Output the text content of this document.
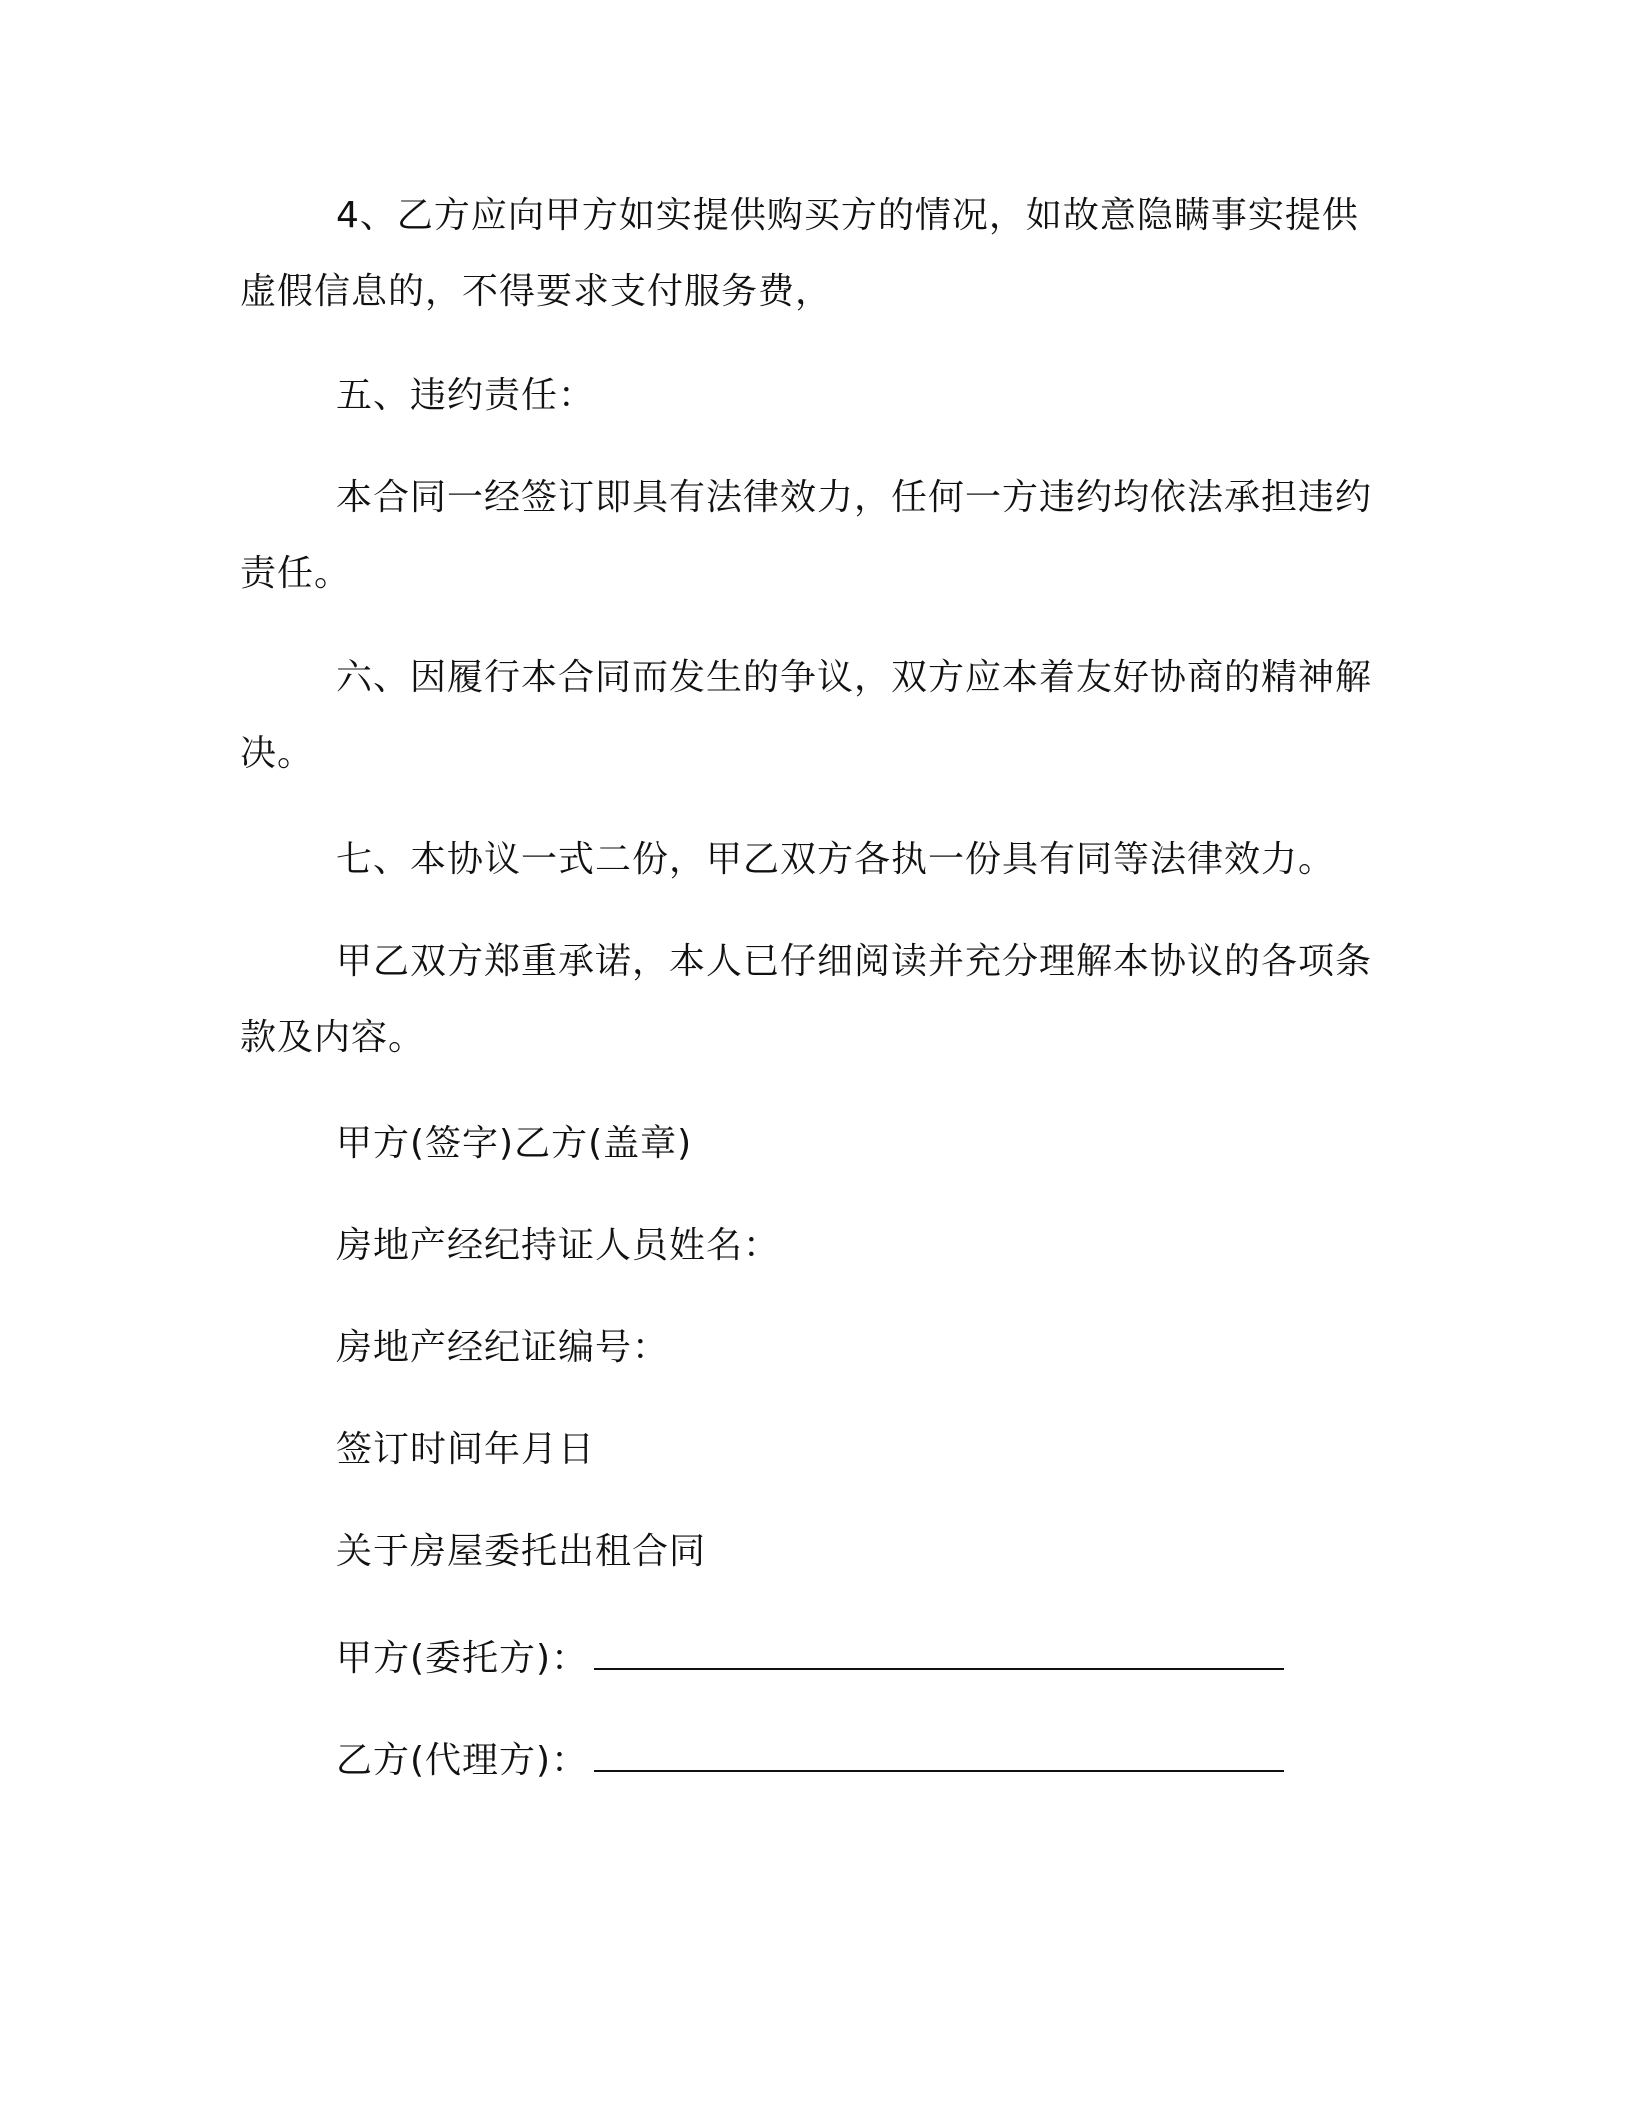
4、乙方应向甲方如实提供购买方的情况，如故意隐瞒事实提供
虚假信息的，不得要求支付服务费，
五、违约责任：
本合同一经签订即具有法律效力，任何一方违约均依法承担违约
责任。
六、因履行本合同而发生的争议，双方应本着友好协商的精神解
决。
七、本协议一式二份，甲乙双方各执一份具有同等法律效力。
甲乙双方郑重承诺，本人已仔细阅读并充分理解本协议的各项条
款及内容。
甲方(签字)乙方(盖章)
房地产经纪持证人员姓名：
房地产经纪证编号：
签订时间年月日
关于房屋委托出租合同
甲方(委托方)：
乙方(代理方)：
